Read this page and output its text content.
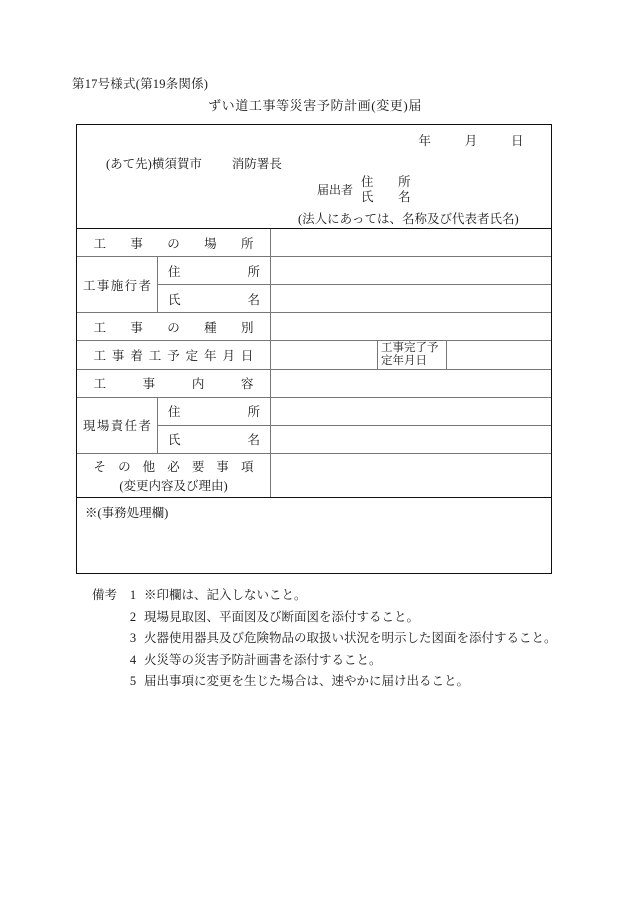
第17号様式(第19条関係)
ずい道工事等災害予防計画(変更)届
年	月	日
(あて先)横須賀市 消防署長
届出者
住　所
氏　名
(法人にあっては、名称及び代表者氏名)
工 事 の 場 所
工 事 施 行 者
住	所
氏	名
工 事 の 種 別
工 事 着 工 予 定 年 月 日
工事完了予
定年月日
工	事	内	容
現 場 責 任 者
住	所
氏	名
そ の 他 必 要 事 項
(変更内容及び理由)
※(事務処理欄)
備考	1 ※印欄は、記入しないこと。
2 現場見取図、平面図及び断面図を添付すること。
3 火器使用器具及び危険物品の取扱い状況を明示した図面を添付すること。
4 火災等の災害予防計画書を添付すること。
5 届出事項に変更を生じた場合は、速やかに届け出ること。
